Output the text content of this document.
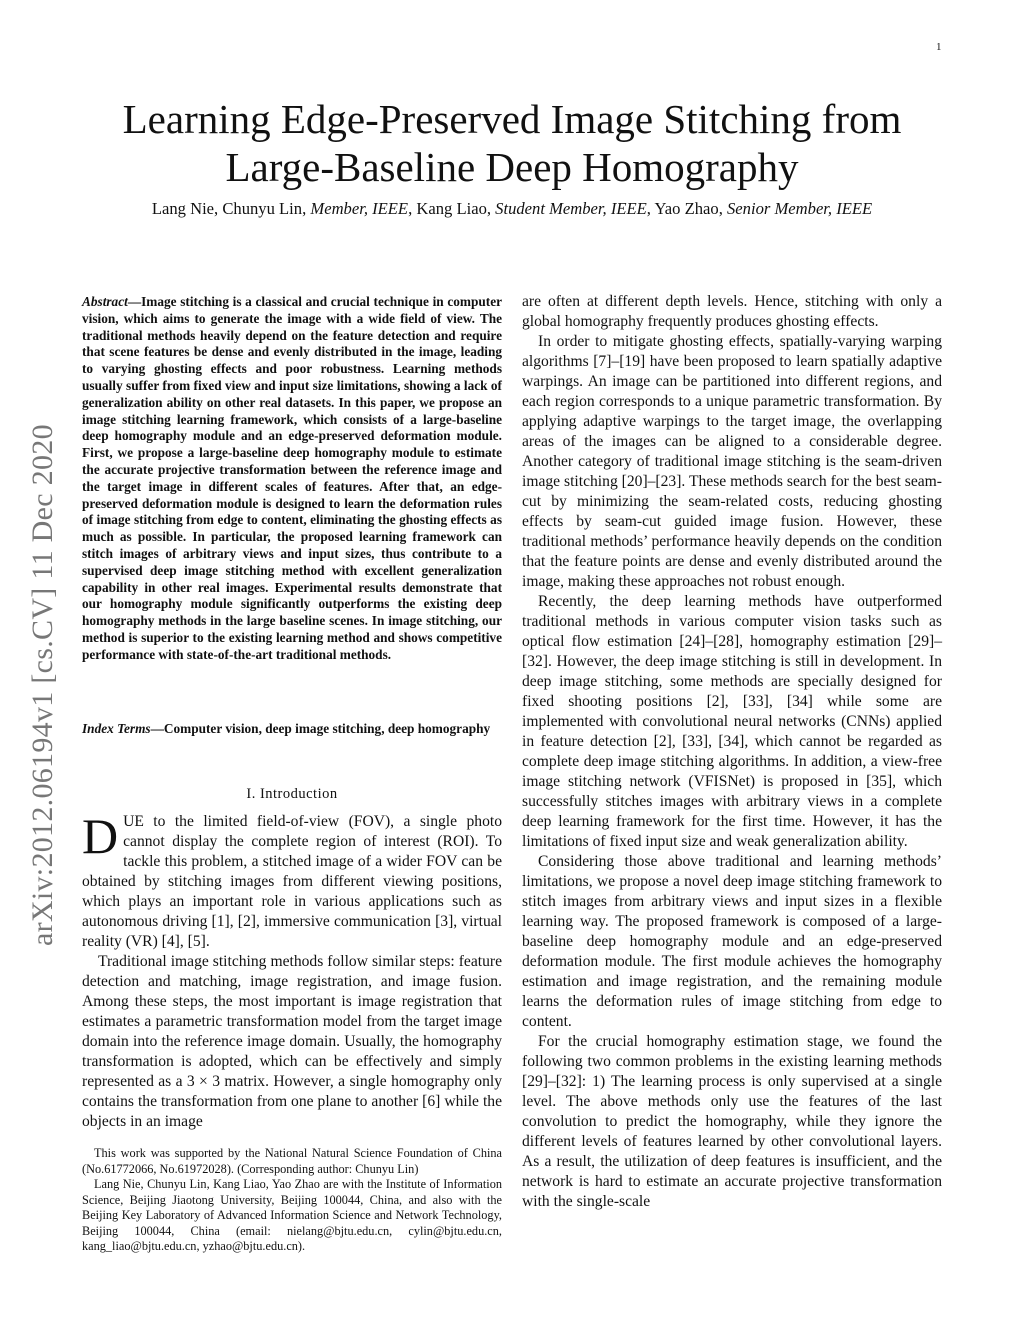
1
arXiv:2012.06194v1 [cs.CV] 11 Dec 2020
Learning Edge-Preserved Image Stitching from
Large-Baseline Deep Homography
Lang Nie, Chunyu Lin, Member, IEEE, Kang Liao, Student Member, IEEE, Yao Zhao, Senior Member, IEEE
Abstract—Image stitching is a classical and crucial technique in computer vision, which aims to generate the image with a wide field of view. The traditional methods heavily depend on the feature detection and require that scene features be dense and evenly distributed in the image, leading to varying ghosting effects and poor robustness. Learning methods usually suffer from fixed view and input size limitations, showing a lack of generalization ability on other real datasets. In this paper, we propose an image stitching learning framework, which consists of a large-baseline deep homography module and an edge-preserved deformation module. First, we propose a large-baseline deep homography module to estimate the accurate projective transformation between the reference image and the target image in different scales of features. After that, an edge-preserved deformation module is designed to learn the deformation rules of image stitching from edge to content, eliminating the ghosting effects as much as possible. In particular, the proposed learning framework can stitch images of arbitrary views and input sizes, thus contribute to a supervised deep image stitching method with excellent generalization capability in other real images. Experimental results demonstrate that our homography module significantly outperforms the existing deep homography methods in the large baseline scenes. In image stitching, our method is superior to the existing learning method and shows competitive performance with state-of-the-art traditional methods.
Index Terms—Computer vision, deep image stitching, deep homography
I. Introduction

DUE to the limited field-of-view (FOV), a single photo cannot display the complete region of interest (ROI). To tackle this problem, a stitched image of a wider FOV can be obtained by stitching images from different viewing positions, which plays an important role in various applications such as autonomous driving [1], [2], immersive communication [3], virtual reality (VR) [4], [5].

Traditional image stitching methods follow similar steps: feature detection and matching, image registration, and image fusion. Among these steps, the most important is image registration that estimates a parametric transformation model from the target image domain into the reference image domain. Usually, the homography transformation is adopted, which can be effectively and simply represented as a 3 × 3 matrix. However, a single homography only contains the transformation from one plane to another [6] while the objects in an image

This work was supported by the National Natural Science Foundation of China (No.61772066, No.61972028). (Corresponding author: Chunyu Lin)

Lang Nie, Chunyu Lin, Kang Liao, Yao Zhao are with the Institute of Information Science, Beijing Jiaotong University, Beijing 100044, China, and also with the Beijing Key Laboratory of Advanced Information Science and Network Technology, Beijing 100044, China (email: nielang@bjtu.edu.cn, cylin@bjtu.edu.cn, kang_liao@bjtu.edu.cn, yzhao@bjtu.edu.cn).

are often at different depth levels. Hence, stitching with only a global homography frequently produces ghosting effects.

In order to mitigate ghosting effects, spatially-varying warping algorithms [7]–[19] have been proposed to learn spatially adaptive warpings. An image can be partitioned into different regions, and each region corresponds to a unique parametric transformation. By applying adaptive warpings to the target image, the overlapping areas of the images can be aligned to a considerable degree. Another category of traditional image stitching is the seam-driven image stitching [20]–[23]. These methods search for the best seam-cut by minimizing the seam-related costs, reducing ghosting effects by seam-cut guided image fusion. However, these traditional methods’ performance heavily depends on the condition that the feature points are dense and evenly distributed around the image, making these approaches not robust enough.

Recently, the deep learning methods have outperformed traditional methods in various computer vision tasks such as optical flow estimation [24]–[28], homography estimation [29]–[32]. However, the deep image stitching is still in development. In deep image stitching, some methods are specially designed for fixed shooting positions [2], [33], [34] while some are implemented with convolutional neural networks (CNNs) applied in feature detection [2], [33], [34], which cannot be regarded as complete deep image stitching algorithms. In addition, a view-free image stitching network (VFISNet) is proposed in [35], which successfully stitches images with arbitrary views in a complete deep learning framework for the first time. However, it has the limitations of fixed input size and weak generalization ability.

Considering those above traditional and learning methods’ limitations, we propose a novel deep image stitching framework to stitch images from arbitrary views and input sizes in a flexible learning way. The proposed framework is composed of a large-baseline deep homography module and an edge-preserved deformation module. The first module achieves the homography estimation and image registration, and the remaining module learns the deformation rules of image stitching from edge to content.

For the crucial homography estimation stage, we found the following two common problems in the existing learning methods [29]–[32]: 1) The learning process is only supervised at a single level. The above methods only use the features of the last convolution to predict the homography, while they ignore the different levels of features learned by other convolutional layers. As a result, the utilization of deep features is insufficient, and the network is hard to estimate an accurate projective transformation with the single-scale
